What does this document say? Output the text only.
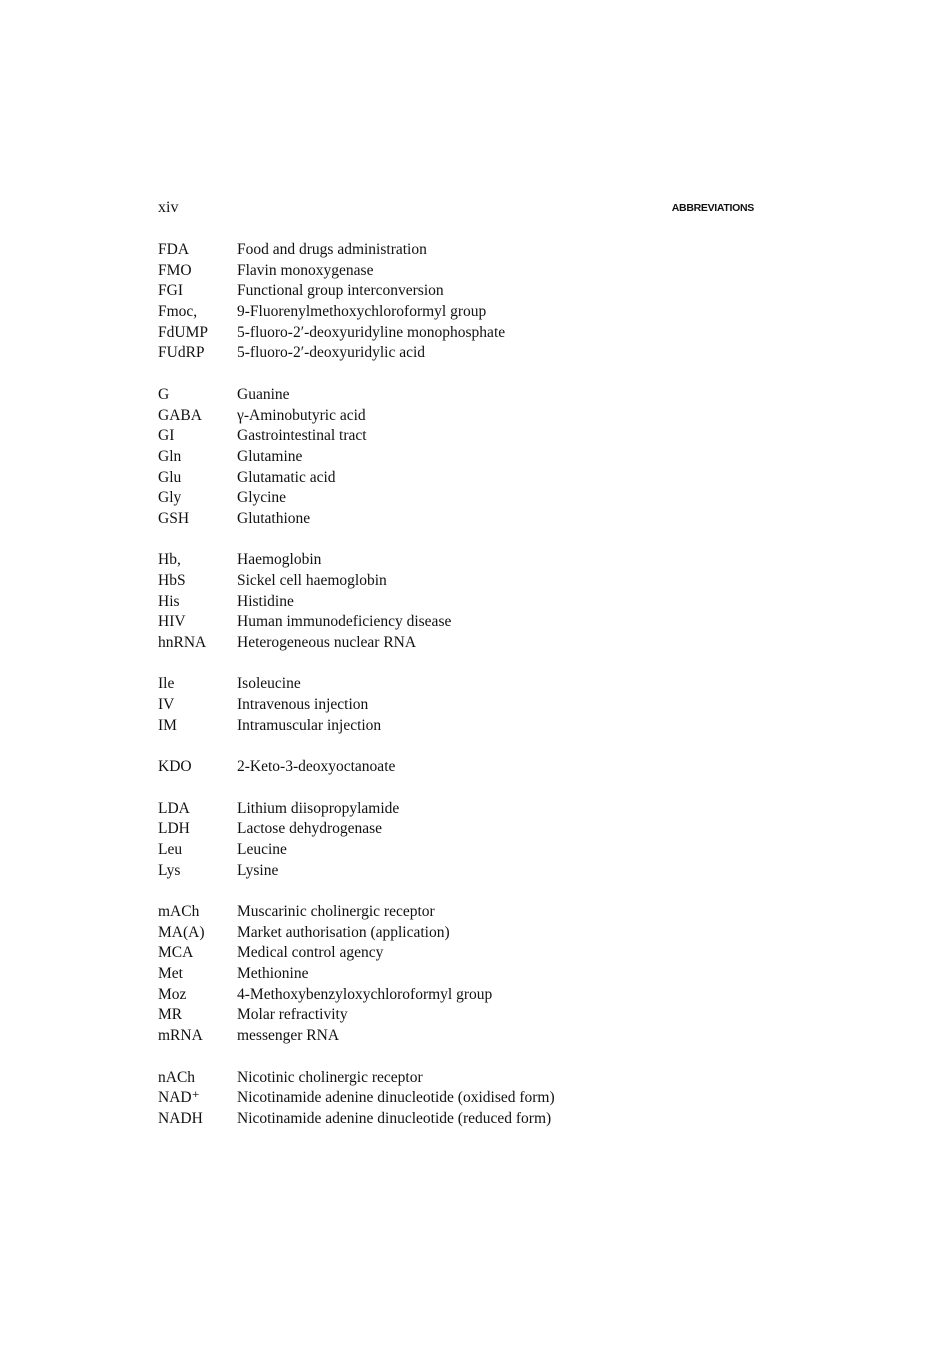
xiv	ABBREVIATIONS
FDA	Food and drugs administration
FMO	Flavin monoxygenase
FGI	Functional group interconversion
Fmoc,	9-Fluorenylmethoxychloroformyl group
FdUMP	5-fluoro-2′-deoxyuridyline monophosphate
FUdRP	5-fluoro-2′-deoxyuridylic acid
G	Guanine
GABA	γ-Aminobutyric acid
GI	Gastrointestinal tract
Gln	Glutamine
Glu	Glutamatic acid
Gly	Glycine
GSH	Glutathione
Hb,	Haemoglobin
HbS	Sickel cell haemoglobin
His	Histidine
HIV	Human immunodeficiency disease
hnRNA	Heterogeneous nuclear RNA
Ile	Isoleucine
IV	Intravenous injection
IM	Intramuscular injection
KDO	2-Keto-3-deoxyoctanoate
LDA	Lithium diisopropylamide
LDH	Lactose dehydrogenase
Leu	Leucine
Lys	Lysine
mACh	Muscarinic cholinergic receptor
MA(A)	Market authorisation (application)
MCA	Medical control agency
Met	Methionine
Moz	4-Methoxybenzyloxychloroformyl group
MR	Molar refractivity
mRNA	messenger RNA
nACh	Nicotinic cholinergic receptor
NAD⁺	Nicotinamide adenine dinucleotide (oxidised form)
NADH	Nicotinamide adenine dinucleotide (reduced form)
